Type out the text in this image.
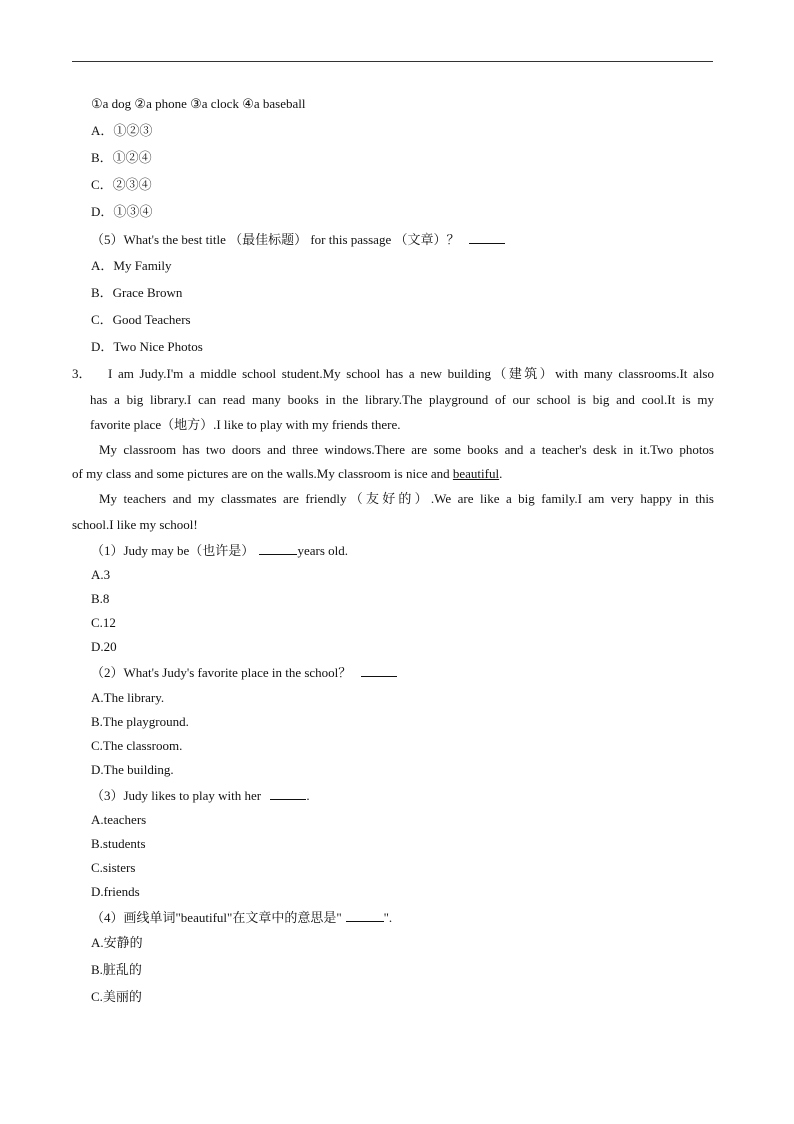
①a dog ②a phone ③a clock ④a baseball
A．①②③
B．①②④
C．②③④
D．①③④
（5）What's the best title （最佳标题） for this passage （文章）？
A．My Family
B．Grace Brown
C．Good Teachers
D．Two Nice Photos
3． I am Judy.I'm a middle school student.My school has a new building（建筑）with many classrooms.It also
has a big library.I can read many books in the library.The playground of our school is big and cool.It is my
favorite place（地方）.I like to play with my friends there.
My classroom has two doors and three windows.There are some books and a teacher's desk in it.Two photos
of my class and some pictures are on the walls.My classroom is nice and beautiful.
My teachers and my classmates are friendly（友好的）.We are like a big family.I am very happy in this
school.I like my school!
（1）Judy may be（也许是）	years old.
A.3
B.8
C.12
D.20
（2）What's Judy's favorite place in the school？
A.The library.
B.The playground.
C.The classroom.
D.The building.
（3）Judy likes to play with her	.
A.teachers
B.students
C.sisters
D.friends
（4）画线单词"beautiful"在文章中的意思是"	".
A.安静的
B.脏乱的
C.美丽的
